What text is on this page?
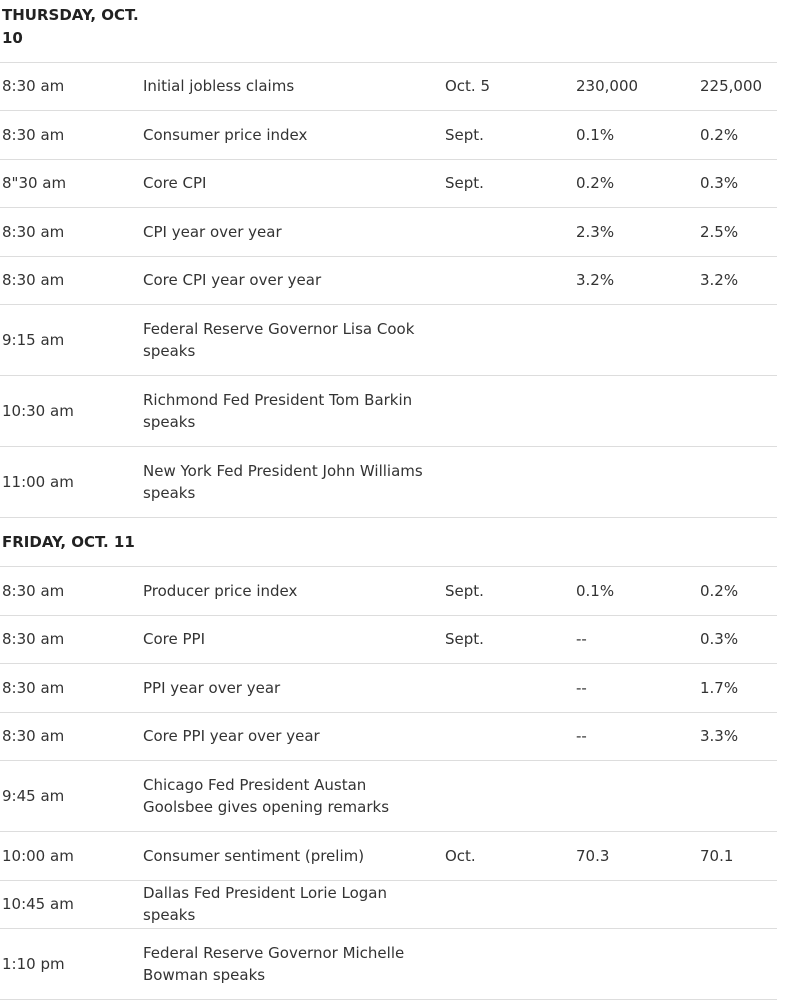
THURSDAY, OCT. 10				

8:30 am	Initial jobless claims	Oct. 5	230,000	225,000
8:30 am	Consumer price index	Sept.	0.1%	0.2%
8"30 am	Core CPI	Sept.	0.2%	0.3%
8:30 am	CPI year over year		2.3%	2.5%
8:30 am	Core CPI year over year		3.2%	3.2%
9:15 am	Federal Reserve Governor Lisa Cook speaks			
10:30 am	Richmond Fed President Tom Barkin speaks			
11:00 am	New York Fed President John Williams speaks			

FRIDAY, OCT. 11				

8:30 am	Producer price index	Sept.	0.1%	0.2%
8:30 am	Core PPI	Sept.	--	0.3%
8:30 am	PPI year over year		--	1.7%
8:30 am	Core PPI year over year		--	3.3%
9:45 am	Chicago Fed President Austan Goolsbee gives opening remarks			
10:00 am	Consumer sentiment (prelim)	Oct.	70.3	70.1
10:45 am	Dallas Fed President Lorie Logan speaks			
1:10 pm	Federal Reserve Governor Michelle Bowman speaks			
